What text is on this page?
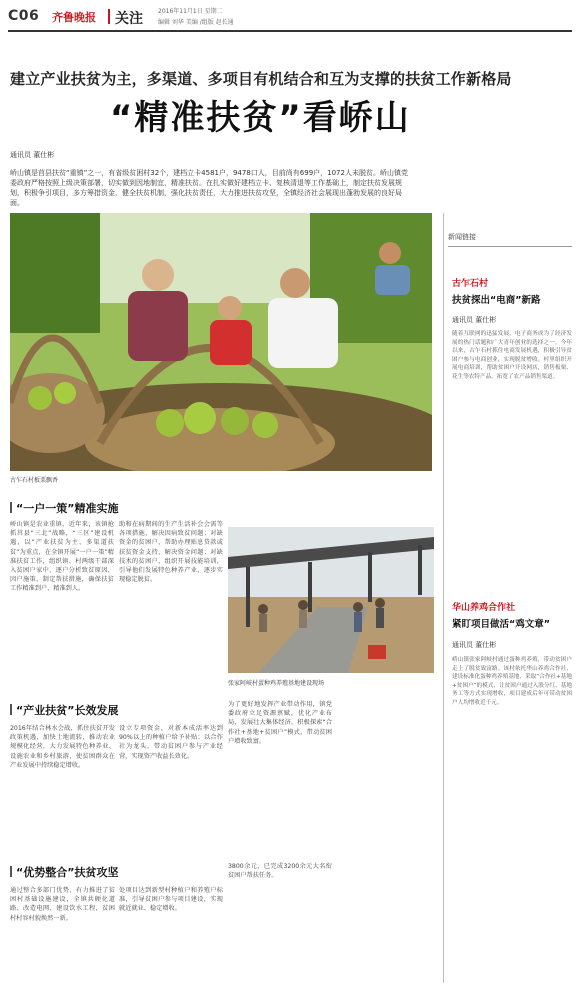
C06 齐鲁晚报 关注	2016年11月1日 星期二
编辑 刘华 美编 /组版 赵长通
建立产业扶贫为主，多渠道、多项目有机结合和互为支撑的扶贫工作新格局
“精准扶贫”看峤山
通讯员 董仕彬
峤山镇是莒县扶贫“重镇”之一，有省级贫困村32个，建档立卡4581户，9478口人，目前尚有699户，1072人未脱贫。峤山镇党委政府严格按照上级决策部署，切实做到因地制宜，精准扶贫。在扎实做好建档立卡、复核清退等工作基础上，制定扶贫发展规划，积极争引项目，多方筹措资金，健全扶贫机制，强化扶贫责任，大力推进扶贫攻坚，全镇经济社会展现出蓬勃发展的良好局面。
古乍石村板栗飘香
“一户一策”精准实施
峤山镇是农业重镇，近年来，该镇抢抓莒县“三北”战略，“三区”建设机遇，以“产业扶贫为主、多渠道扶贫”为重点，在全镇开展“一户一策”精准扶贫工作，组织镇、村两级干部深入贫困户家中，逐户分析致贫原因，因户施策，制定帮扶措施，确保扶贫工作精准到户、精准到人。
助和在病期间的生产生活补会会需等各项措施，解决因病致贫问题；对缺资金的贫困户，帮助办理贴息贷款或扶贫资金支持，解决资金问题；对缺技术的贫困户，组织开展技能培训，引导他们发展特色种养产业，逐步实现稳定脱贫。
张家阿岐村蛋种鸡养殖基地建设现场
“产业扶贫”长效发展
2016年结合林水会战，抓住扶贫开发政策机遇，加快土地流转，推动农业规模化经营，大力发展特色种养业、设施农业和乡村旅游，使贫困群众在产业发展中持续稳定增收。
设立专项资金，对新本成活率达到90%以上的种植户给予补贴；以合作社为龙头，带动贫困户参与产业经营，实现资产收益长效化。
为了更好地发挥产业带动作用，镇党委政府立足资源禀赋，优化产业布局，发展壮大集体经济，积极探索“合作社+基地+贫困户”模式，带动贫困户增收致富。
“优势整合”扶贫攻坚
通过整合多部门优势，有力推进了贫困村基础设施建设，全镇共硬化道路、改造电网、建设饮水工程，贫困村村容村貌焕然一新。
处项目达到新型村种植户和养殖户标准，引导贫困户参与项目建设，实现就近就业、稳定增收。
3800余元，已完成3200余元大名衔贫困户帮扶任务。
新闻链接
古乍石村
扶贫探出“电商”新路
通讯员 董仕彬
随着互联网的迅猛发展，电子商务成为了经济发展的热门话题和广大青年创业的选择之一。今年以来，古乍石村抓住电商发展机遇，积极引导贫困户参与电商创业，实现脱贫增收。村里组织开展电商培训，帮助贫困户开设网店，销售板栗、花生等农特产品，拓宽了农产品销售渠道。
华山养鸡合作社
紧盯项目做活“鸡文章”
通讯员 董仕彬
峤山镇张家阿岐村通过蛋种鸡养殖，带动贫困户走上了脱贫致富路。该村依托华山养鸡合作社，建设标准化蛋种鸡养殖基地，采取“合作社+基地+贫困户”的模式，让贫困户通过入股分红、基地务工等方式实现增收，项目建成后年可带动贫困户人均增收近千元。
